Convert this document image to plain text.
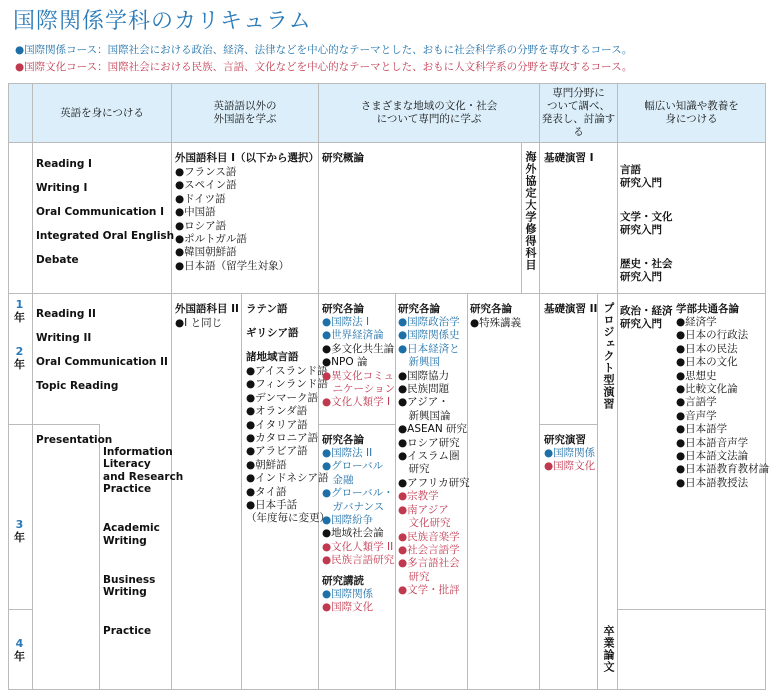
国際関係学科のカリキュラム
●国際関係コース：国際社会における政治、経済、法律などを中心的なテーマとした、おもに社会科学系の分野を専攻するコース。
●国際文化コース：国際社会における民族、言語、文化などを中心的なテーマとした、おもに人文科学系の分野を専攻するコース。
英語を身につける
英語語以外の
外国語を学ぶ
さまざまな地域の文化・社会
について専門的に学ぶ
専門分野に
ついて調べ、
発表し、討論する
幅広い知識や教養を
身につける
1
年
2
年
3
年
4
年
Reading I
Writing I
Oral Communication I
Integrated Oral English
Debate
外国語科目 I（以下から選択）
●フランス語
●スペイン語
●ドイツ語
●中国語
●ロシア語
●ポルトガル語
●韓国朝鮮語
●日本語（留学生対象）
研究概論	海外協定大学修得科目 基礎演習 I

言語
研究入門

文学・文化
研究入門

歴史・社会
研究入門

政治・経済
研究入門

Reading II
Writing II
Oral Communication II
Topic Reading
外国語科目 II
●I と同じ
ラテン語
ギリシア語
諸地域言語
●アイスランド語
●フィンランド語
●デンマーク語
●オランダ語
●イタリア語
●カタロニア語
●アラビア語
●朝鮮語
●インドネシア語
●タイ語
●日本手話
（年度毎に変更）
研究各論
●国際法 I
●世界経済論
●多文化共生論
●NPO 論
●異文化コミュ
　ニケーション
●文化人類学 I
研究各論
●国際政治学
●国際関係史
●日本経済と
　新興国
●国際協力
●民族問題
●アジア・
　新興国論
●ASEAN 研究
●ロシア研究
●イスラム圏
　研究
●アフリカ研究
●宗教学
●南アジア
　文化研究
●民族音楽学
●社会言語学
●多言語社会
　研究
●文学・批評
研究各論
●特殊講義
基礎演習 II プロジェクト型演習	学部共通各論
●経済学
●日本の行政法
●日本の民法
●日本の文化
●思想史
●比較文化論
●言語学
●音声学
●日本語学
●日本語音声学
●日本語文法論
●日本語教育教材論
●日本語教授法
Presentation

Information
Literacy
and Research
Practice

Academic
Writing

Business
Writing

Practice

研究各論
●国際法 II
●グローバル
　金融
●グローバル・
　ガバナンス
●国際紛争
●地域社会論
●文化人類学 II
●民族言語研究
研究講読
●国際関係
●国際文化
研究演習
●国際関係
●国際文化
卒業論文
